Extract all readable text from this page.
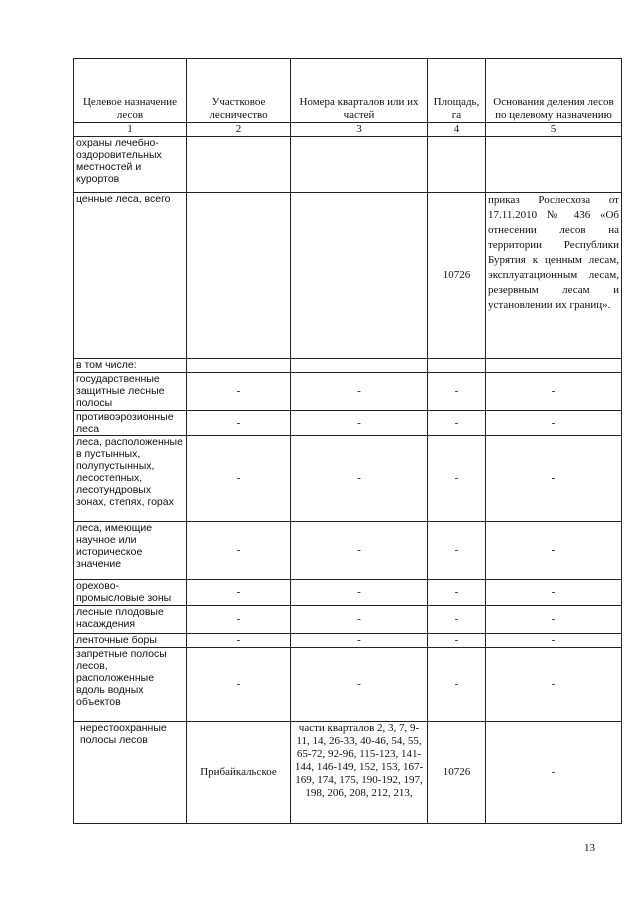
Целевое назначение лесов	Участковое лесничество	Номера кварталов или их частей	Площадь, га	Основания деления лесов по целевому назначению
1	2	3	4	5
охраны лечебно-оздоровительных местностей и курортов				
ценные леса, всего			10726	приказ Рослесхоза от 17.11.2010 № 436 «Об отнесении лесов на территории Республики Бурятия к ценным лесам, эксплуатационным лесам, резервным лесам и установлении их границ».
в том числе:				
государственные защитные лесные полосы	-	-	-	-
противоэрозионные леса	-	-	-	-
леса, расположенные в пустынных, полупустынных, лесостепных, лесотундровых зонах, степях, горах	-	-	-	-
леса, имеющие научное или историческое значение	-	-	-	-
орехово-промысловые зоны	-	-	-	-
лесные плодовые насаждения	-	-	-	-
ленточные боры	-	-	-	-
запретные полосы лесов, расположенные вдоль водных объектов	-	-	-	-
нерестоохранные полосы лесов	Прибайкальское	части кварталов 2, 3, 7, 9-11, 14, 26-33, 40-46, 54, 55, 65-72, 92-96, 115-123, 141-144, 146-149, 152, 153, 167-169, 174, 175, 190-192, 197, 198, 206, 208, 212, 213,	10726	-
13
